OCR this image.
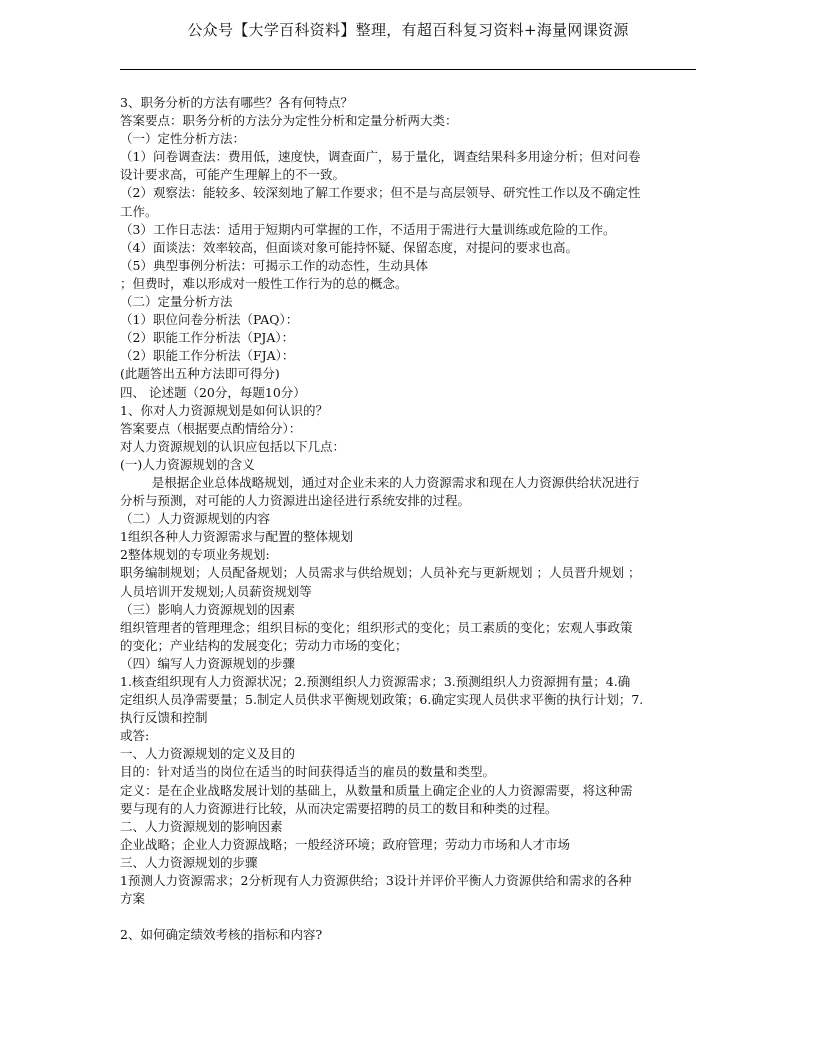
公众号【大学百科资料】整理，有超百科复习资料+海量网课资源
3、职务分析的方法有哪些？各有何特点？
答案要点：职务分析的方法分为定性分析和定量分析两大类：
（一）定性分析方法：
（1）问卷调查法：费用低，速度快，调查面广，易于量化，调查结果科多用途分析；但对问卷
设计要求高，可能产生理解上的不一致。
（2）观察法：能较多、较深刻地了解工作要求；但不是与高层领导、研究性工作以及不确定性
工作。
（3）工作日志法：适用于短期内可掌握的工作，不适用于需进行大量训练或危险的工作。
（4）面谈法：效率较高，但面谈对象可能持怀疑、保留态度，对提问的要求也高。
（5）典型事例分析法：可揭示工作的动态性，生动具体
；但费时，难以形成对一般性工作行为的总的概念。
（二）定量分析方法
（1）职位问卷分析法（PAQ）：
（2）职能工作分析法（PJA）：
（2）职能工作分析法（FJA）：
(此题答出五种方法即可得分)
四、 论述题（20分，每题10分）
1、你对人力资源规划是如何认识的？
答案要点（根据要点酌情给分）：
对人力资源规划的认识应包括以下几点：
(一)人力资源规划的含义
是根据企业总体战略规划，通过对企业未来的人力资源需求和现在人力资源供给状况进行
分析与预测，对可能的人力资源进出途径进行系统安排的过程。
（二）人力资源规划的内容
1组织各种人力资源需求与配置的整体规划
2整体规划的专项业务规划:
职务编制规划；人员配备规划；人员需求与供给规划；人员补充与更新规划 ；人员晋升规划 ；
人员培训开发规划;人员薪资规划等
（三）影响人力资源规划的因素
组织管理者的管理理念；组织目标的变化；组织形式的变化；员工素质的变化；宏观人事政策
的变化；产业结构的发展变化；劳动力市场的变化；
（四）编写人力资源规划的步骤
1.核查组织现有人力资源状况；2.预测组织人力资源需求；3.预测组织人力资源拥有量；4.确
定组织人员净需要量；5.制定人员供求平衡规划政策；6.确定实现人员供求平衡的执行计划；7.
执行反馈和控制
或答:
一、人力资源规划的定义及目的
目的：针对适当的岗位在适当的时间获得适当的雇员的数量和类型。
定义：是在企业战略发展计划的基础上，从数量和质量上确定企业的人力资源需要，将这种需
要与现有的人力资源进行比较，从而决定需要招聘的员工的数目和种类的过程。
二、人力资源规划的影响因素
企业战略；企业人力资源战略；一般经济环境；政府管理；劳动力市场和人才市场
三、人力资源规划的步骤
1预测人力资源需求；2分析现有人力资源供给；3设计并评价平衡人力资源供给和需求的各种
方案
2、如何确定绩效考核的指标和内容?
